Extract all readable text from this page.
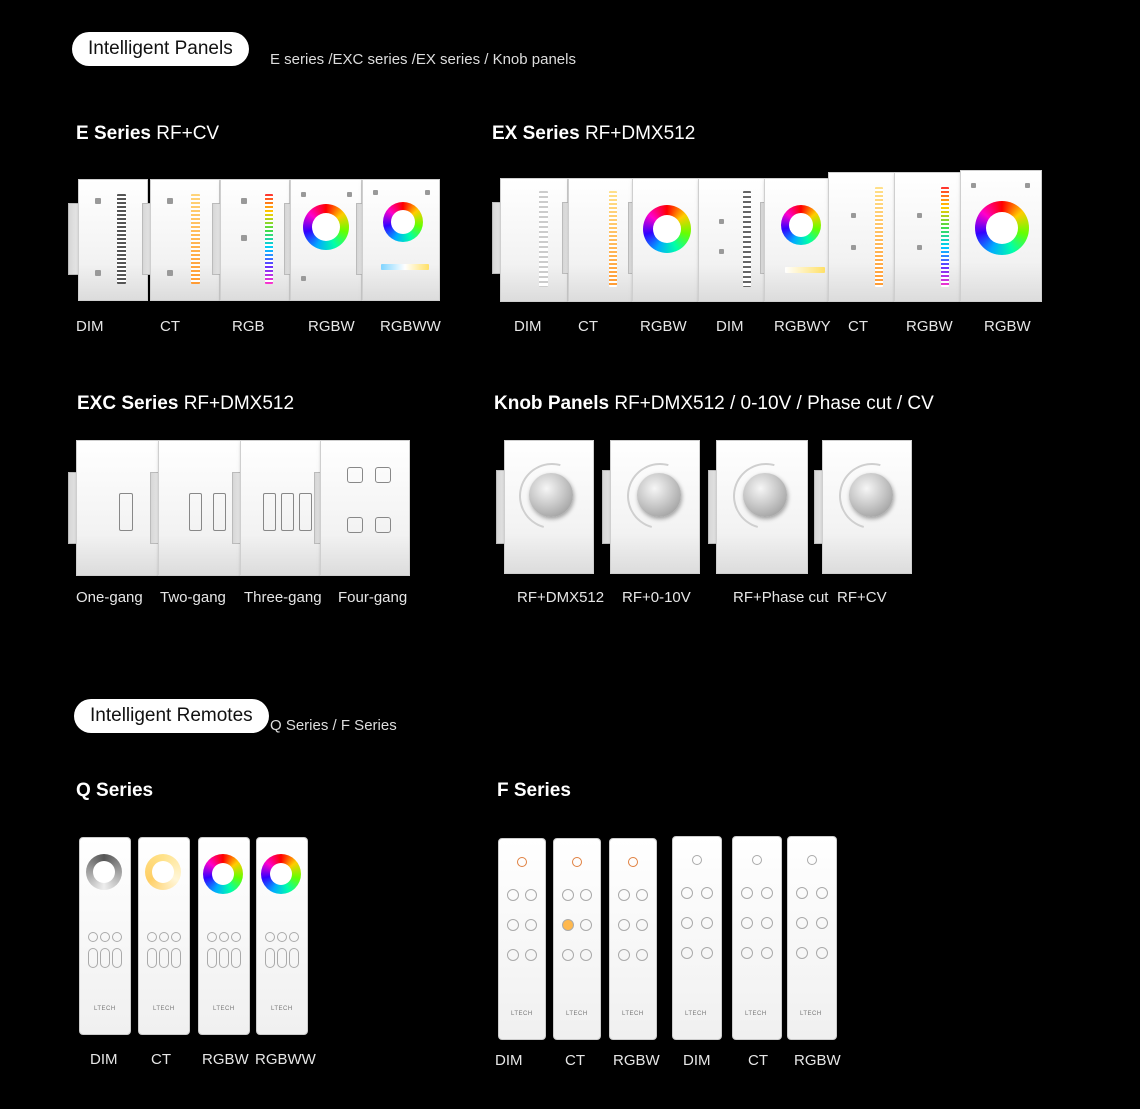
Intelligent Panels
E series /EXC series /EX series / Knob panels
E Series RF+CV
DIM	CT	RGB	RGBW RGBWW
EX Series RF+DMX512
DIM CT	RGBW DIM RGBWY CT	RGBW RGBW
EXC Series RF+DMX512
One-gang Two-gang Three-gang Four-gang
Knob Panels RF+DMX512 / 0-10V / Phase cut / CV
RF+DMX512 RF+0-10V	RF+Phase cut RF+CV
Intelligent Remotes	Q Series / F Series
Q Series
LTECH	LTECH	LTECH	LTECH
DIM CT RGBW RGBWW
F Series
LTECH	LTECH	LTECH	LTECH	LTECH	LTECH
DIM	CT RGBW DIM	CT RGBW
